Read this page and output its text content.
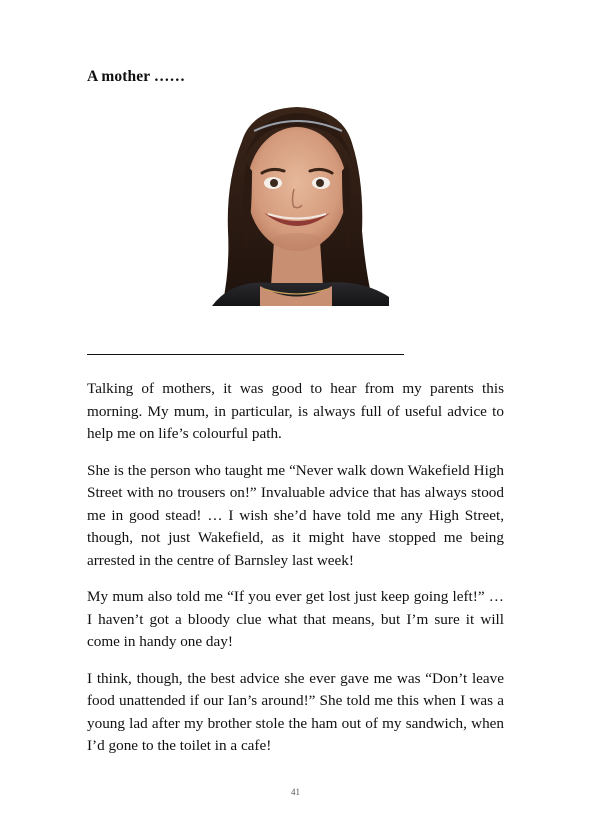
A mother ……

Talking of mothers, it was good to hear from my parents this morning. My mum, in particular, is always full of useful advice to help me on life’s colourful path.

She is the person who taught me “Never walk down Wakefield High Street with no trousers on!” Invaluable advice that has always stood me in good stead! … I wish she’d have told me any High Street, though, not just Wakefield, as it might have stopped me being arrested in the centre of Barnsley last week!

My mum also told me “If you ever get lost just keep going left!” … I haven’t got a bloody clue what that means, but I’m sure it will come in handy one day!

I think, though, the best advice she ever gave me was “Don’t leave food unattended if our Ian’s around!” She told me this when I was a young lad after my brother stole the ham out of my sandwich, when I’d gone to the toilet in a cafe!

41
